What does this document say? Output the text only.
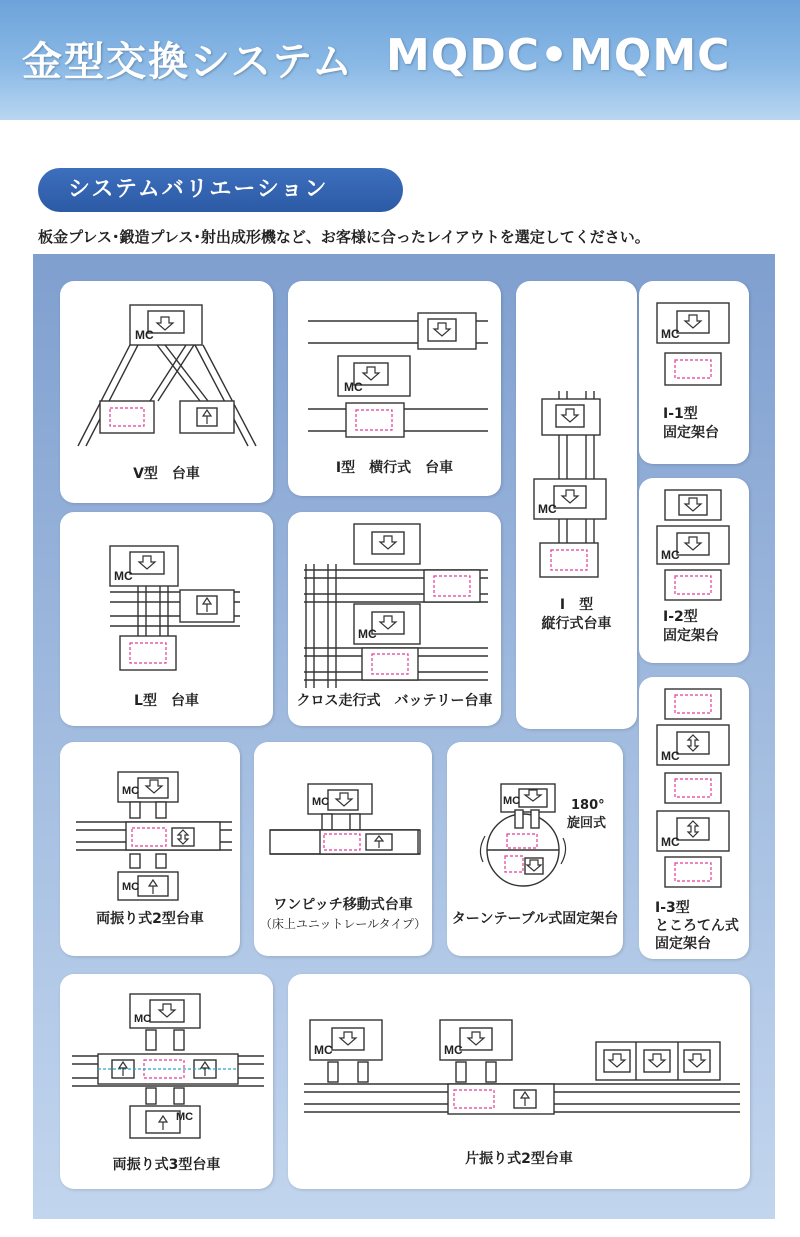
金型交換システム MQDC•MQMC
システムバリエーション
板金プレス･鍛造プレス･射出成形機など、お客様に合ったレイアウトを選定してください。
MC
V型　台車
MC
I型　横行式　台車
MC
I　型
縦行式台車
MC
I-1型
固定架台
MC
I-2型
固定架台
MC
L型　台車
MC
クロス走行式　バッテリー台車
MC
MC
I-3型
ところてん式
固定架台
MC
MC
両振り式2型台車
MC
ワンピッチ移動式台車
（床上ユニットレールタイプ）
MC	180°
旋回式
ターンテーブル式固定架台
MC
MC
両振り式3型台車
MC	MC
片振り式2型台車
